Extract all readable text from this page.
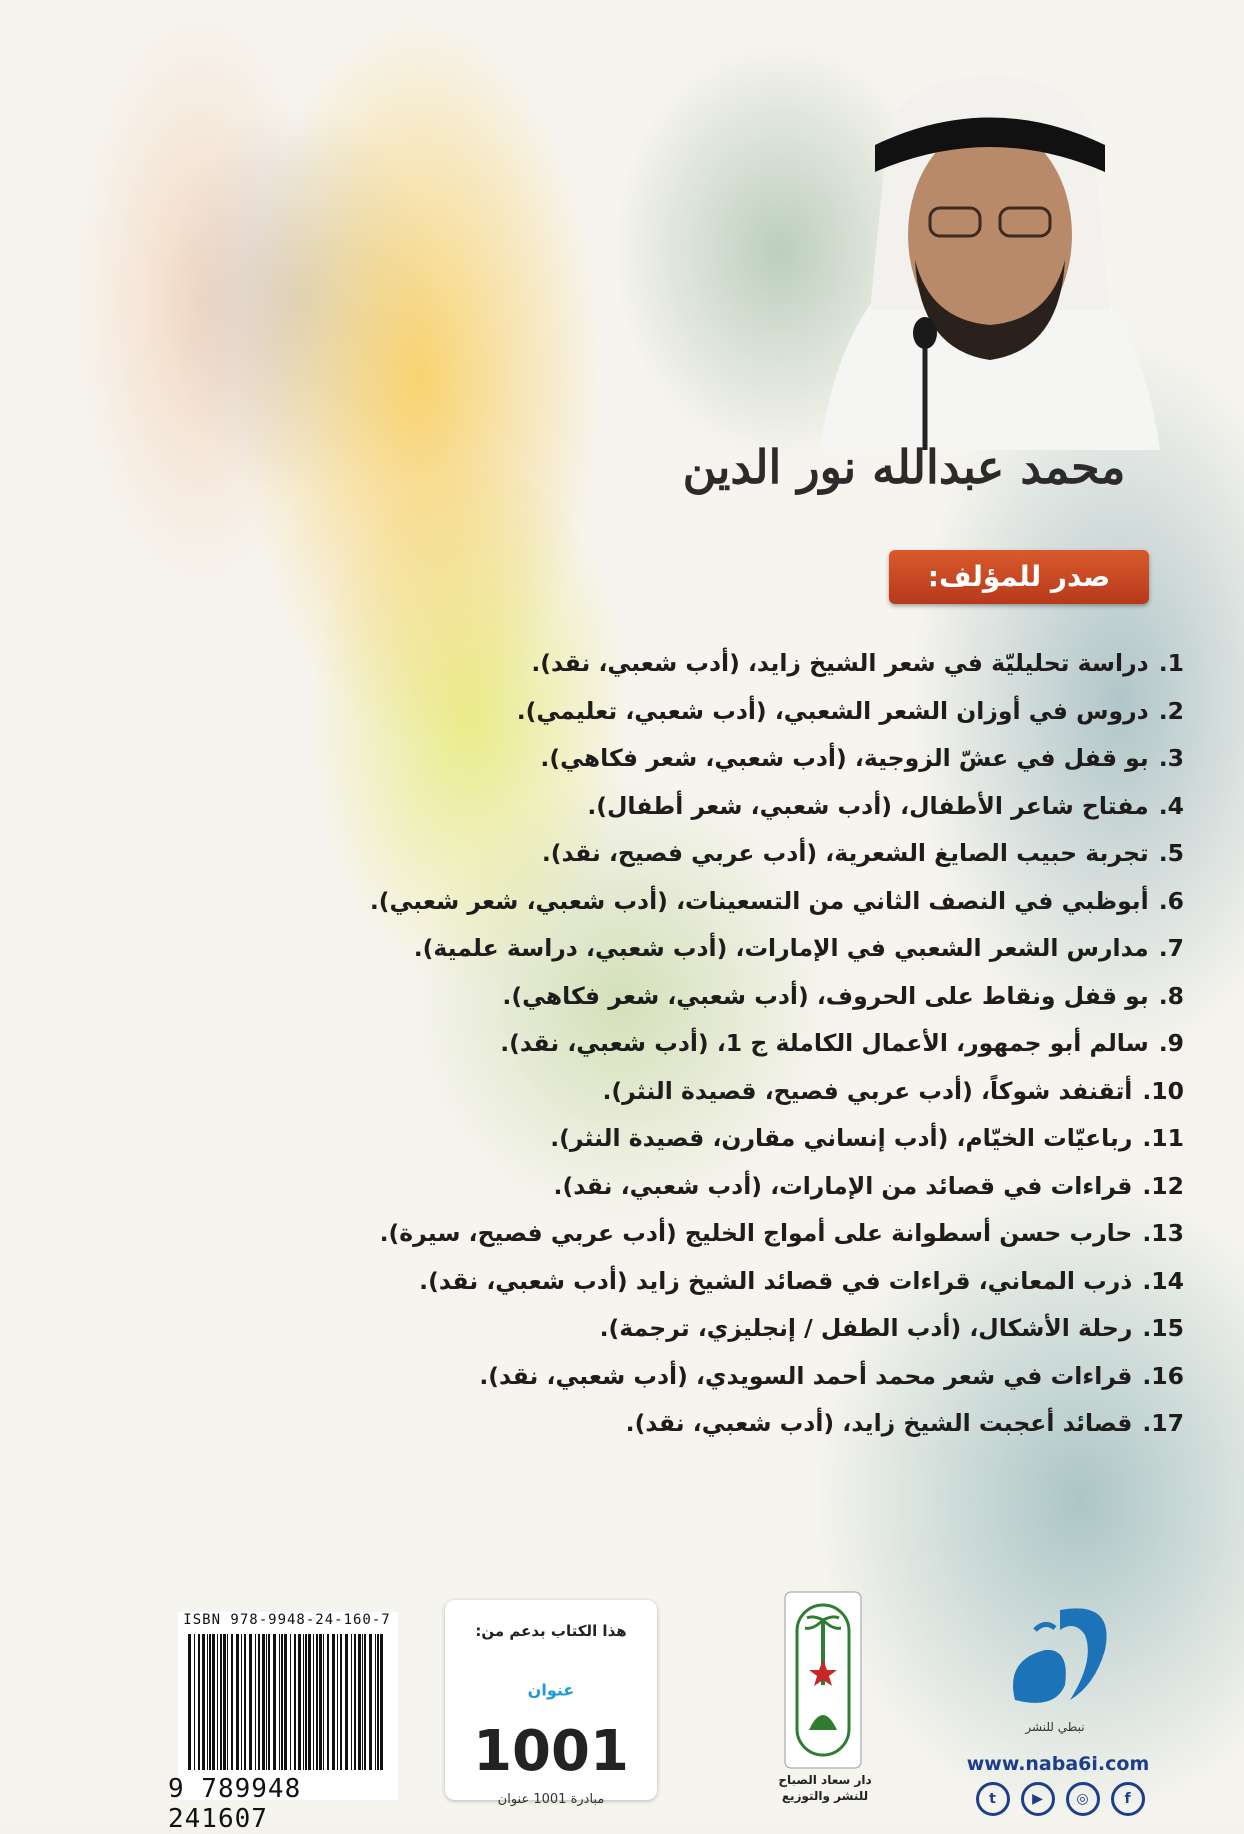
محمد عبدالله نور الدين
صدر للمؤلف:
1.دراسة تحليليّة في شعر الشيخ زايد، (أدب شعبي، نقد).
2.دروس في أوزان الشعر الشعبي، (أدب شعبي، تعليمي).
3.بو قفل في عشّ الزوجية، (أدب شعبي، شعر فكاهي).
4.مفتاح شاعر الأطفال، (أدب شعبي، شعر أطفال).
5.تجربة حبيب الصايغ الشعرية، (أدب عربي فصيح، نقد).
6.أبوظبي في النصف الثاني من التسعينات، (أدب شعبي، شعر شعبي).
7.مدارس الشعر الشعبي في الإمارات، (أدب شعبي، دراسة علمية).
8.بو قفل ونقاط على الحروف، (أدب شعبي، شعر فكاهي).
9.سالم أبو جمهور، الأعمال الكاملة ج 1، (أدب شعبي، نقد).
10.أتقنفد شوكاً، (أدب عربي فصيح، قصيدة النثر).
11.رباعيّات الخيّام، (أدب إنساني مقارن، قصيدة النثر).
12.قراءات في قصائد من الإمارات، (أدب شعبي، نقد).
13.حارب حسن أسطوانة على أمواج الخليج (أدب عربي فصيح، سيرة).
14.ذرب المعاني، قراءات في قصائد الشيخ زايد (أدب شعبي، نقد).
15.رحلة الأشكال، (أدب الطفل / إنجليزي، ترجمة).
16.قراءات في شعر محمد أحمد السويدي، (أدب شعبي، نقد).
17.قصائد أعجبت الشيخ زايد، (أدب شعبي، نقد).
ISBN 978-9948-24-160-7
9 789948 241607
هذا الكتاب بدعم من:
عنوان 1001
مبادرة 1001 عنوان
دار سعاد الصباح
للنشر والتوزيع
نبطي للنشر
www.naba6i.com
t	▶	◎	f
